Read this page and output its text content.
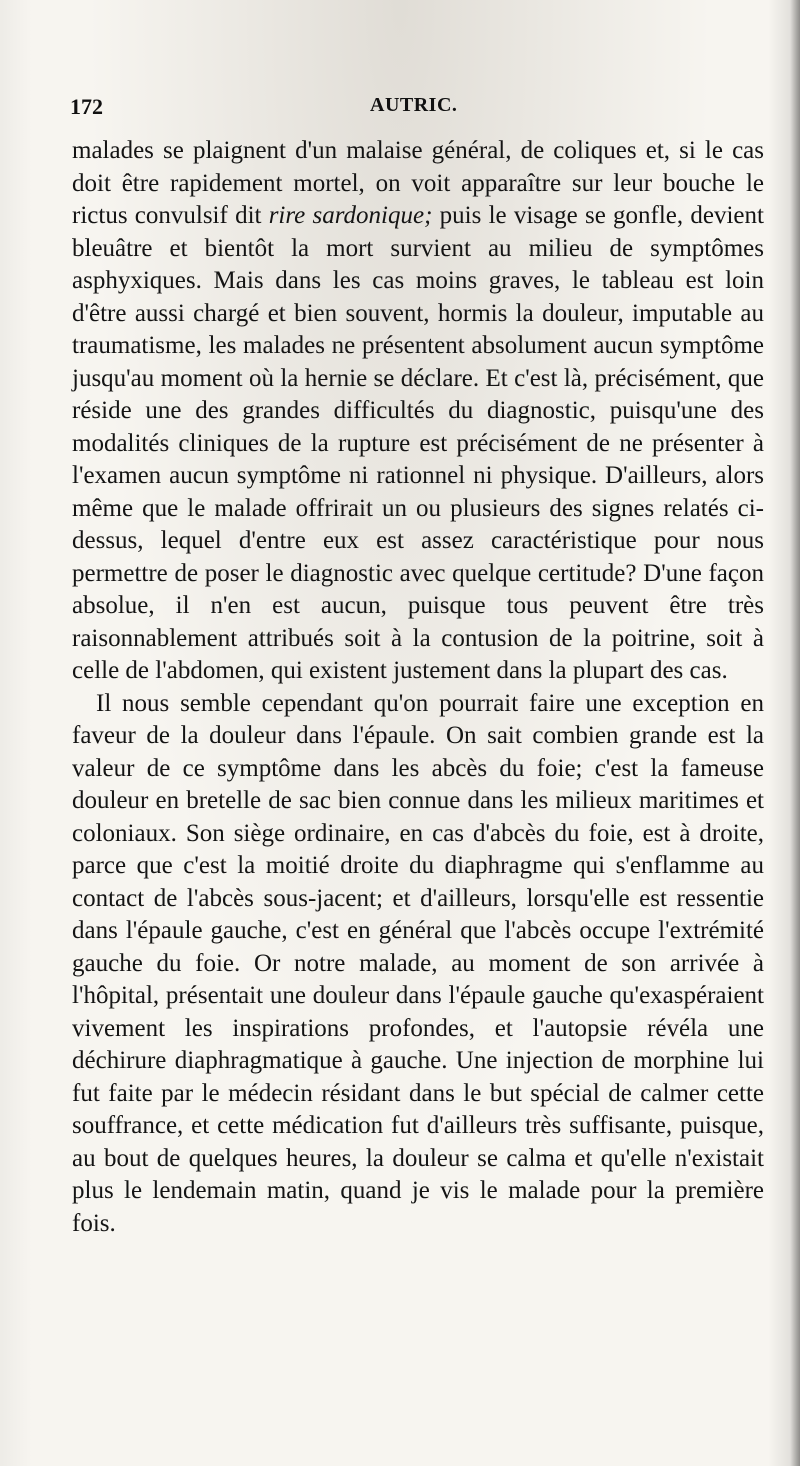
172	AUTRIC.

malades se plaignent d'un malaise général, de coliques et, si le cas doit être rapidement mortel, on voit apparaître sur leur bouche le rictus convulsif dit rire sardonique; puis le visage se gonfle, devient bleuâtre et bientôt la mort survient au milieu de symptômes asphyxiques. Mais dans les cas moins graves, le tableau est loin d'être aussi chargé et bien souvent, hormis la douleur, imputable au traumatisme, les malades ne présentent absolument aucun symptôme jusqu'au moment où la hernie se déclare. Et c'est là, précisément, que réside une des grandes difficultés du diagnostic, puisqu'une des modalités cliniques de la rupture est précisément de ne présenter à l'examen aucun symptôme ni rationnel ni physique. D'ailleurs, alors même que le malade offrirait un ou plusieurs des signes relatés ci-dessus, lequel d'entre eux est assez caractéristique pour nous permettre de poser le diagnostic avec quelque certitude? D'une façon absolue, il n'en est aucun, puisque tous peuvent être très raisonnablement attribués soit à la contusion de la poitrine, soit à celle de l'abdomen, qui existent justement dans la plupart des cas.

Il nous semble cependant qu'on pourrait faire une exception en faveur de la douleur dans l'épaule. On sait combien grande est la valeur de ce symptôme dans les abcès du foie; c'est la fameuse douleur en bretelle de sac bien connue dans les milieux maritimes et coloniaux. Son siège ordinaire, en cas d'abcès du foie, est à droite, parce que c'est la moitié droite du diaphragme qui s'enflamme au contact de l'abcès sous-jacent; et d'ailleurs, lorsqu'elle est ressentie dans l'épaule gauche, c'est en général que l'abcès occupe l'extrémité gauche du foie. Or notre malade, au moment de son arrivée à l'hôpital, présentait une douleur dans l'épaule gauche qu'exaspéraient vivement les inspirations profondes, et l'autopsie révéla une déchirure diaphragmatique à gauche. Une injection de morphine lui fut faite par le médecin résidant dans le but spécial de calmer cette souffrance, et cette médication fut d'ailleurs très suffisante, puisque, au bout de quelques heures, la douleur se calma et qu'elle n'existait plus le lendemain matin, quand je vis le malade pour la première fois.
